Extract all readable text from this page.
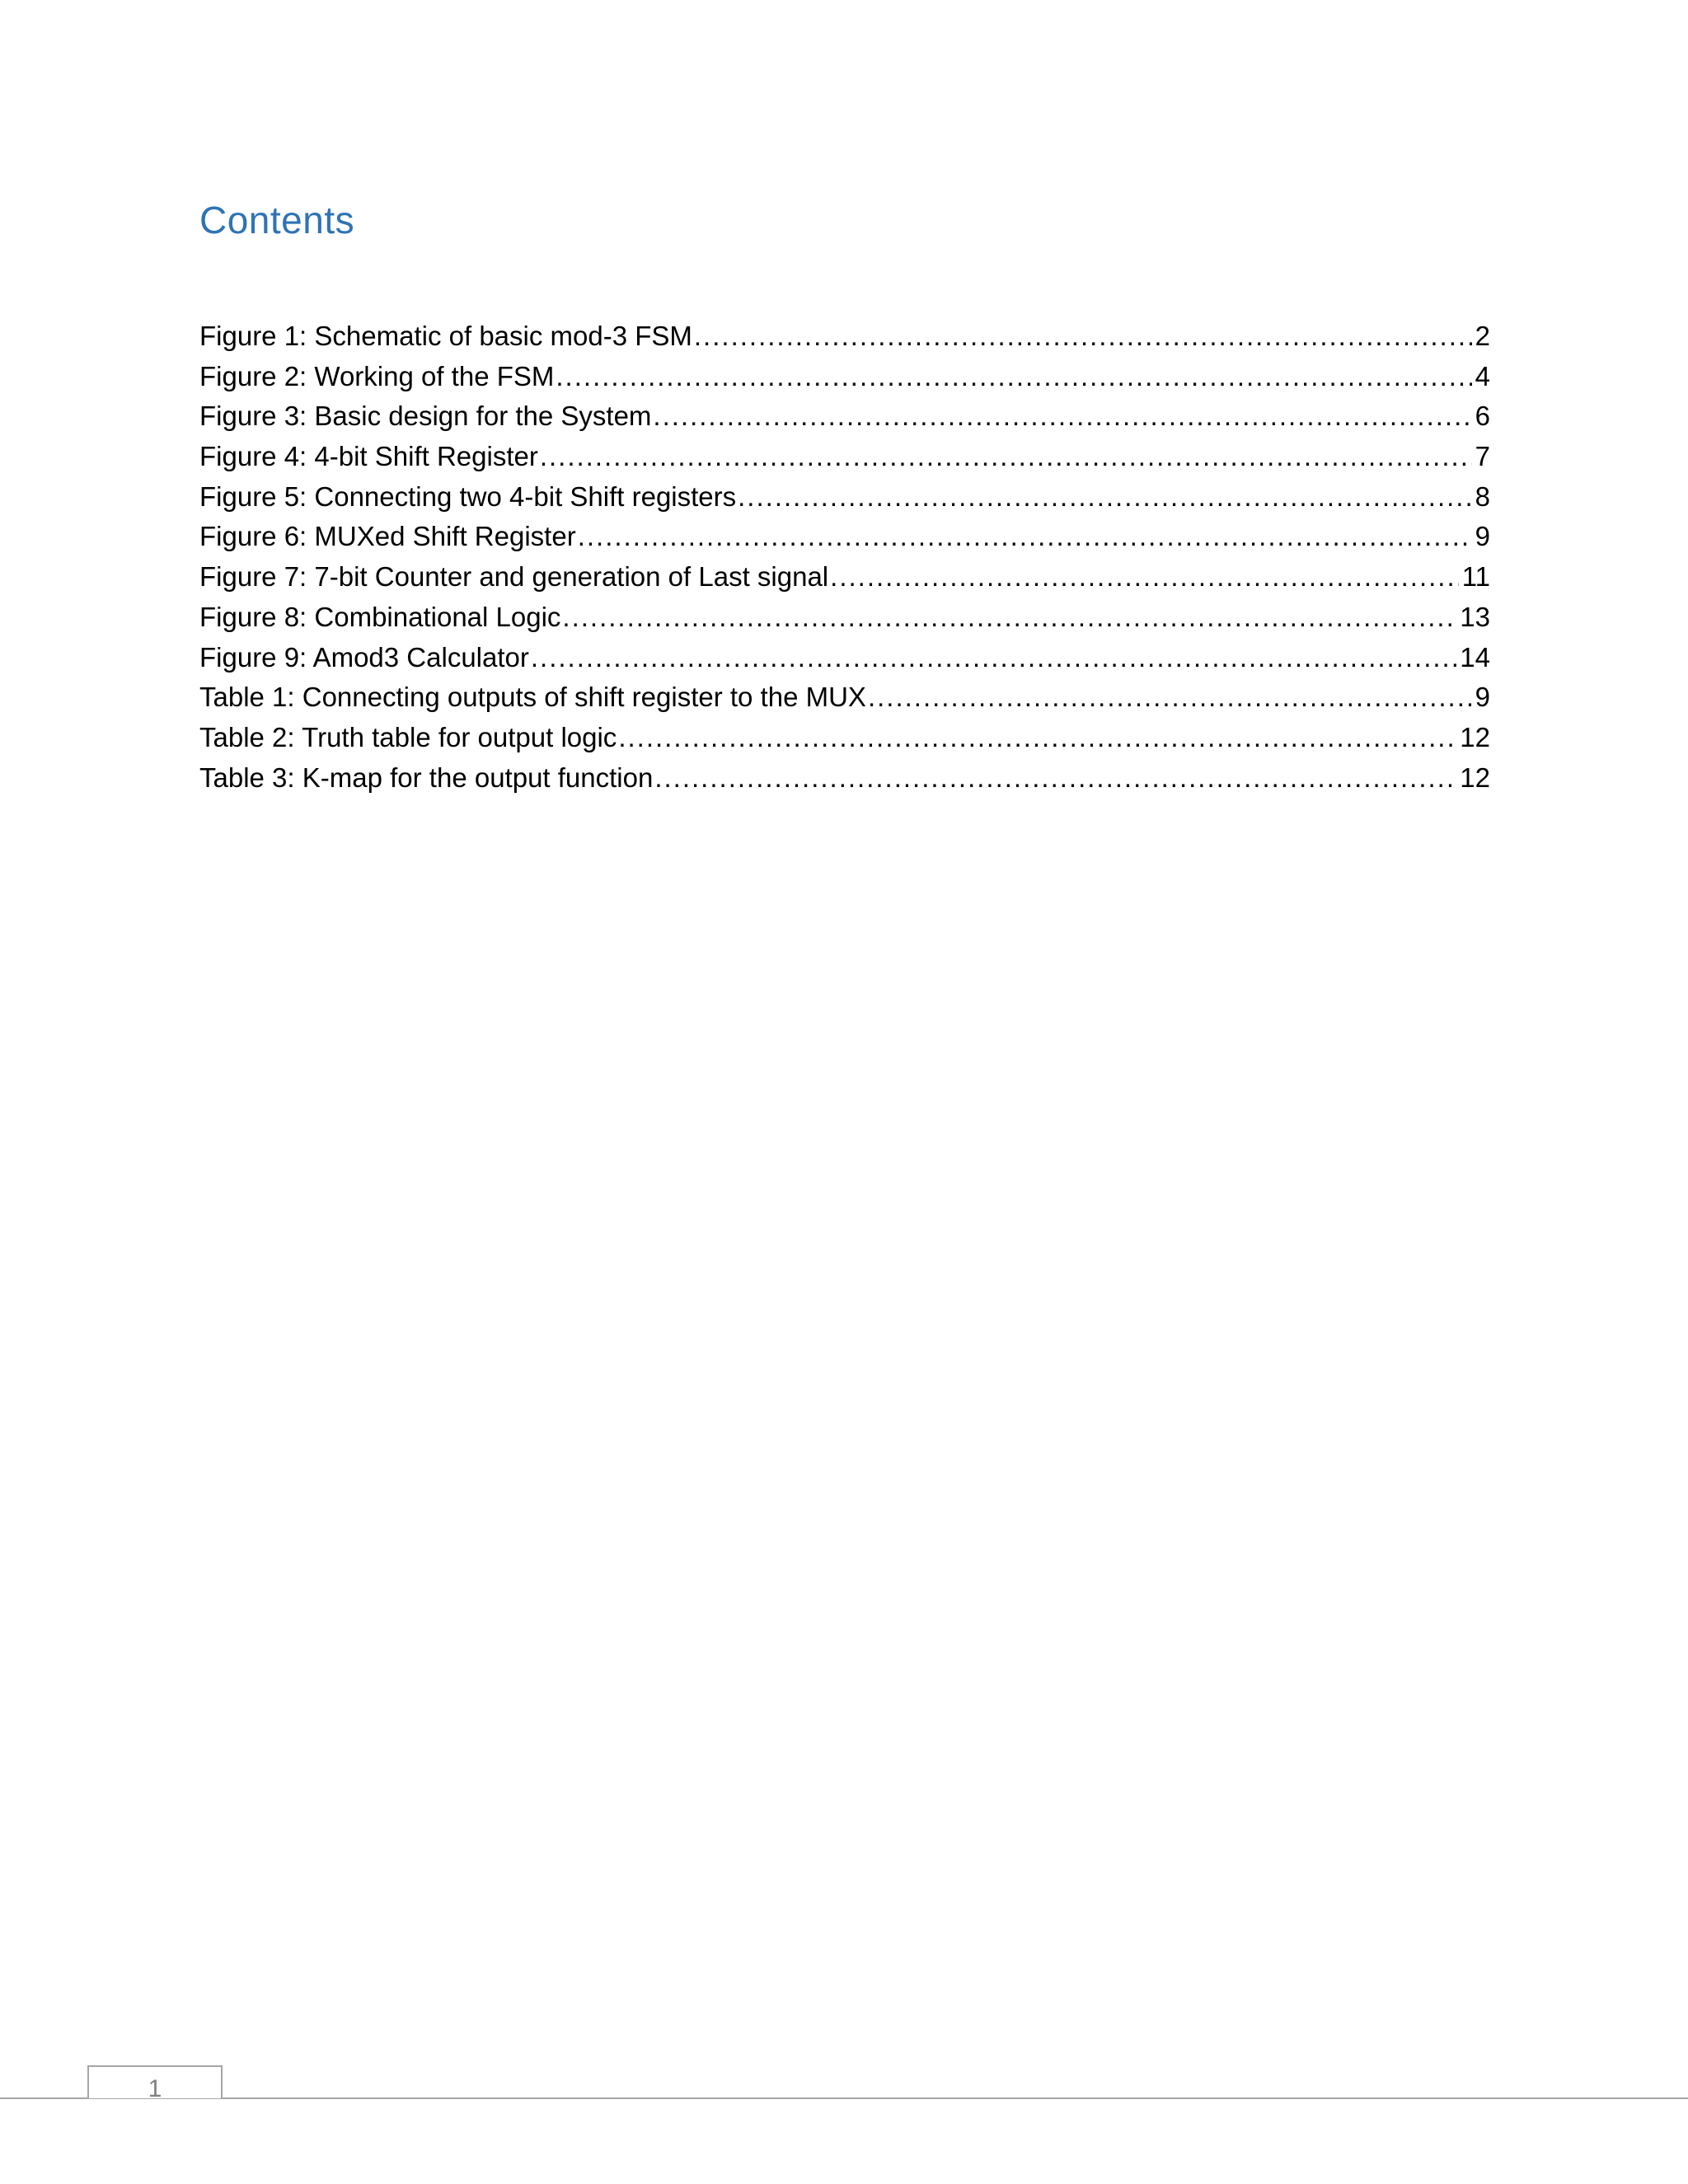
Contents
Figure 1: Schematic of basic mod-3 FSM .....	2
Figure 2: Working of the FSM .....	4
Figure 3: Basic design for the System .....	6
Figure 4: 4-bit Shift Register .....	7
Figure 5: Connecting two 4-bit Shift registers .....	8
Figure 6: MUXed Shift Register .....	9
Figure 7: 7-bit Counter and generation of Last signal .....	11
Figure 8: Combinational Logic .....	13
Figure 9: Amod3 Calculator .....	14
Table 1: Connecting outputs of shift register to the MUX .....	9
Table 2: Truth table for output logic .....	12
Table 3: K-map for the output function .....	12
1
